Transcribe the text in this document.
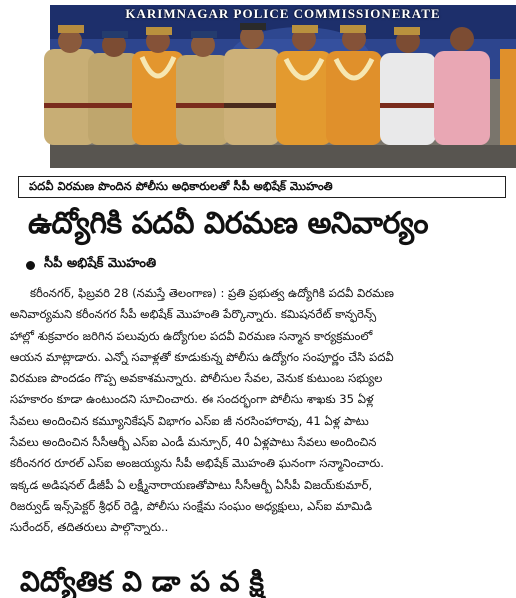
KARIMNAGAR POLICE COMMISSIONERATE
పదవీ విరమణ పొందిన పోలీసు అధికారులతో సీపీ అభిషేక్ మొహంతి
ఉద్యోగికి పదవీ విరమణ అనివార్యం
సీపీ అభిషేక్ మొహంతి
కరీంనగర్, ఫిబ్రవరి 28 (నమస్తే తెలంగాణ) : ప్రతి ప్రభుత్వ ఉద్యోగికి పదవీ విరమణ
అనివార్యమని కరీంనగర సీపీ అభిషేక్ మొహంతి పేర్కొన్నారు. కమిషనరేట్ కాన్ఫరెన్స్
హాల్లో శుక్రవారం జరిగిన పలువురు ఉద్యోగుల పదవీ విరమణ సన్మాన కార్యక్రమంలో
ఆయన మాట్లాడారు. ఎన్నో సవాళ్లతో కూడుకున్న పోలీసు ఉద్యోగం సంపూర్ణం చేసి పదవీ
విరమణ పొందడం గొప్ప అవకాశమన్నారు. పోలీసుల సేవల, వెనుక కుటుంబ సభ్యుల
సహకారం కూడా ఉంటుందని సూచించారు. ఈ సందర్భంగా పోలీసు శాఖకు 35 ఏళ్ల
సేవలు అందించిన కమ్యూనికేషన్ విభాగం ఎస్ఐ జీ నరసింహారావు, 41 ఏళ్ల పాటు
సేవలు అందించిన సీసీఆర్బీ ఎస్ఐ ఎండీ మన్సూర్, 40 ఏళ్లపాటు సేవలు అందించిన
కరీంనగర రూరల్ ఎస్ఐ అంజయ్యను సీపీ అభిషేక్ మొహంతి ఘనంగా సన్మానించారు.
ఇక్కడ అడిషనల్ డీజీపీ ఏ లక్ష్మీనారాయణతోపాటు సీసీఆర్బీ ఏసీపీ విజయ్‌కుమార్,
రిజర్వుడ్ ఇన్స్‌పెక్టర్ శ్రీధర్ రెడ్డి, పోలీసు సంక్షేమ సంఘం అధ్యక్షులు, ఎస్ఐ మామిడి
సురేందర్, తదితరులు పాల్గొన్నారు..
విద్యోతిక వి డా ప వ క్షి
